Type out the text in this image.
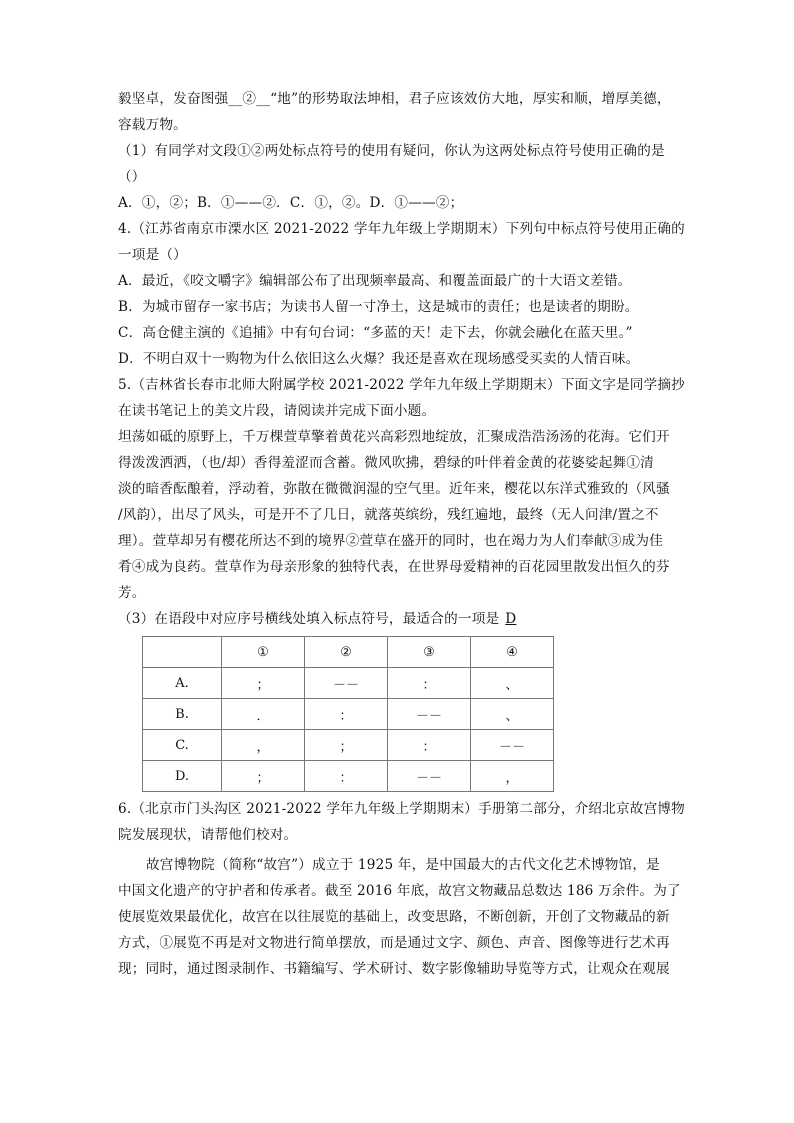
毅坚卓，发奋图强__②__“地”的形势取法坤相，君子应该效仿大地，厚实和顺，增厚美德，
容载万物。
（1）有同学对文段①②两处标点符号的使用有疑问，你认为这两处标点符号使用正确的是
（）
A．①，②；B．①——②．C．①，②。D．①——②；
4.（江苏省南京市溧水区 2021-2022 学年九年级上学期期末）下列句中标点符号使用正确的
一项是（）
A．最近，《咬文嚼字》编辑部公布了出现频率最高、和覆盖面最广的十大语文差错。
B．为城市留存一家书店；为读书人留一寸净土，这是城市的责任；也是读者的期盼。
C．高仓健主演的《追捕》中有句台词：“多蓝的天！走下去，你就会融化在蓝天里。”
D．不明白双十一购物为什么依旧这么火爆？我还是喜欢在现场感受买卖的人情百味。
5.（吉林省长春市北师大附属学校 2021-2022 学年九年级上学期期末）下面文字是同学摘抄
在读书笔记上的美文片段，请阅读并完成下面小题。
坦荡如砥的原野上，千万棵萱草擎着黄花兴高彩烈地绽放，汇聚成浩浩汤汤的花海。它们开
得泼泼洒洒，（也/却）香得羞涩而含蓄。微风吹拂，碧绿的叶伴着金黄的花婆娑起舞①清
淡的暗香酝酿着，浮动着，弥散在微微润湿的空气里。近年来，樱花以东洋式雅致的（风骚
/风韵），出尽了风头，可是开不了几日，就落英缤纷，残红遍地，最终（无人问津/置之不
理）。萱草却另有樱花所达不到的境界②萱草在盛开的同时，也在竭力为人们奉献③成为佳
肴④成为良药。萱草作为母亲形象的独特代表，在世界母爱精神的百花园里散发出恒久的芬
芳。
（3）在语段中对应序号横线处填入标点符号，最适合的一项是 D
	①	②	③	④
A.	；	－－	：	、
B.	．	：	－－	、
C.	，	；	：	－－
D.	；	：	－－	，
6.（北京市门头沟区 2021-2022 学年九年级上学期期末）手册第二部分，介绍北京故宫博物
院发展现状，请帮他们校对。
故宫博物院（简称“故宫”）成立于 1925 年，是中国最大的古代文化艺术博物馆，是
中国文化遗产的守护者和传承者。截至 2016 年底，故宫文物藏品总数达 186 万余件。为了
使展览效果最优化，故宫在以往展览的基础上，改变思路，不断创新，开创了文物藏品的新
方式，①展览不再是对文物进行简单摆放，而是通过文字、颜色、声音、图像等进行艺术再
现；同时，通过图录制作、书籍编写、学术研讨、数字影像辅助导览等方式，让观众在观展
